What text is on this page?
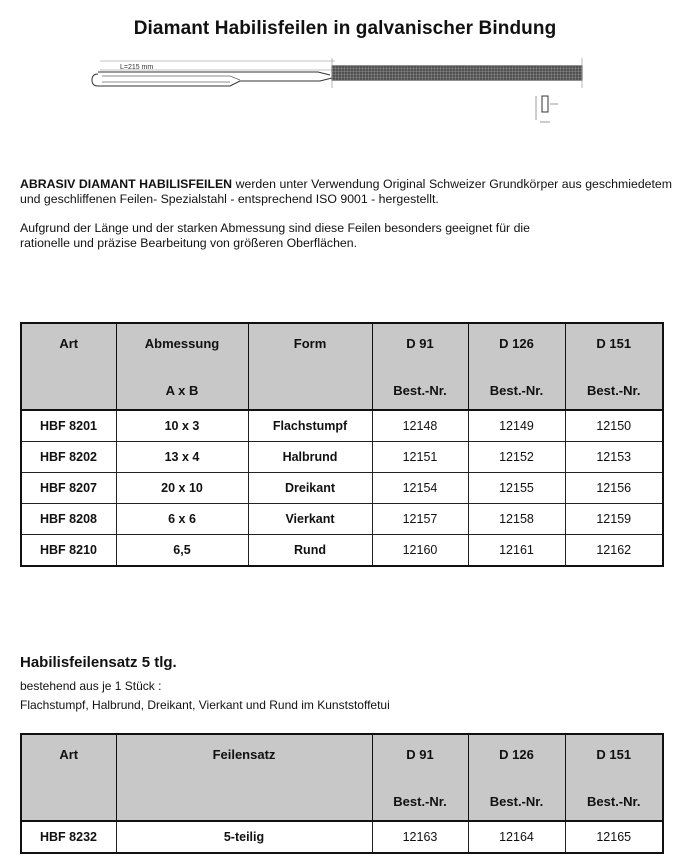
Diamant Habilisfeilen in galvanischer Bindung
L=215 mm
ABRASIV DIAMANT HABILISFEILEN werden unter Verwendung Original Schweizer Grundkörper aus geschmiedetem und geschliffenen Feilen- Spezialstahl - entsprechend ISO 9001 - hergestellt.
Aufgrund der Länge und der starken Abmessung sind diese Feilen besonders geeignet für die
rationelle und präzise Bearbeitung von größeren Oberflächen.
Art	Abmessung	Form	D 91	D 126	D 151
	A x B		Best.-Nr.	Best.-Nr.	Best.-Nr.
HBF 8201	10 x 3	Flachstumpf	12148	12149	12150
HBF 8202	13 x 4	Halbrund	12151	12152	12153
HBF 8207	20 x 10	Dreikant	12154	12155	12156
HBF 8208	6 x 6	Vierkant	12157	12158	12159
HBF 8210	6,5	Rund	12160	12161	12162
Habilisfeilensatz 5 tlg.
bestehend aus je 1 Stück :
Flachstumpf, Halbrund, Dreikant, Vierkant und Rund im Kunststoffetui
Art	Feilensatz	D 91	D 126	D 151
		Best.-Nr.	Best.-Nr.	Best.-Nr.
HBF 8232	5-teilig	12163	12164	12165
